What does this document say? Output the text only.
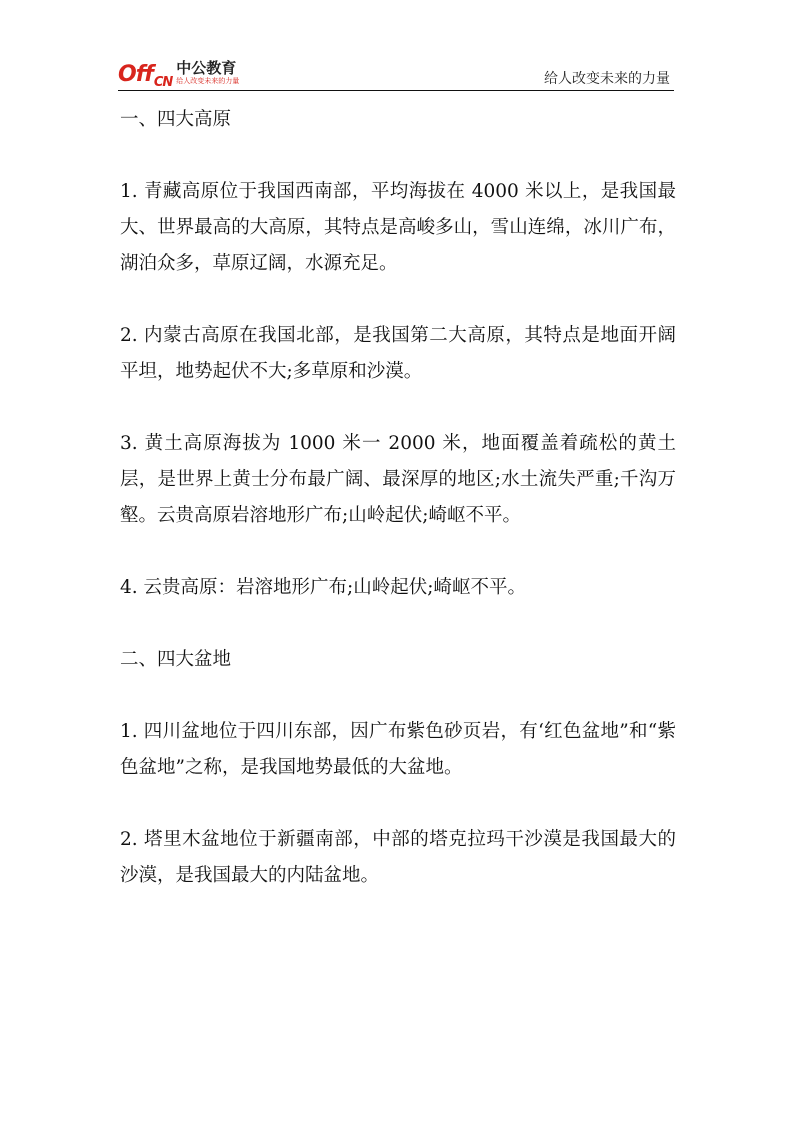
Off$_{CN}$
中公教育
给人改变未来的力量	给人改变未来的力量

一、四大高原

1. 青藏高原位于我国西南部，平均海拔在 4000 米以上，是我国最大、世界最高的大高原，其特点是高峻多山，雪山连绵，冰川广布，湖泊众多，草原辽阔，水源充足。

2. 内蒙古高原在我国北部，是我国第二大高原，其特点是地面开阔平坦，地势起伏不大;多草原和沙漠。

3. 黄土高原海拔为 1000 米一 2000 米，地面覆盖着疏松的黄土层，是世界上黄士分布最广阔、最深厚的地区;水土流失严重;千沟万壑。云贵高原岩溶地形广布;山岭起伏;崎岖不平。

4. 云贵高原：岩溶地形广布;山岭起伏;崎岖不平。

二、四大盆地

1. 四川盆地位于四川东部，因广布紫色砂页岩，有‘红色盆地”和“紫色盆地”之称，是我国地势最低的大盆地。

2. 塔里木盆地位于新疆南部，中部的塔克拉玛干沙漠是我国最大的沙漠，是我国最大的内陆盆地。
